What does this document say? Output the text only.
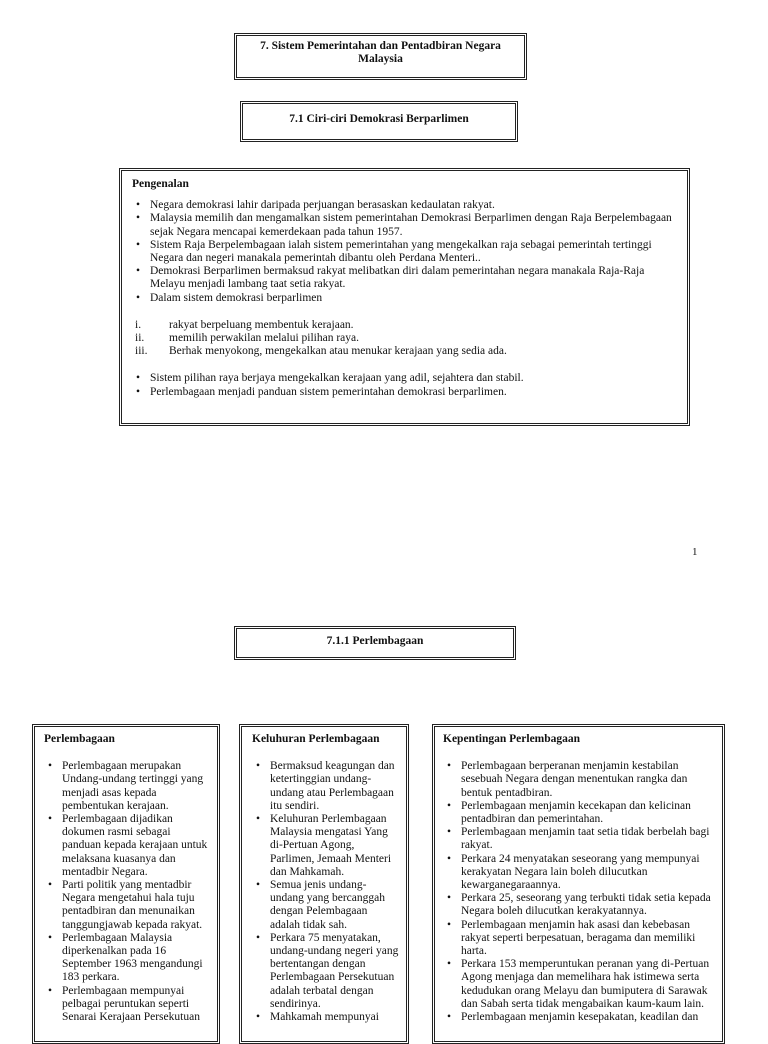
7. Sistem Pemerintahan dan Pentadbiran Negara Malaysia
7.1 Ciri-ciri Demokrasi Berparlimen
Pengenalan
• Negara demokrasi lahir daripada perjuangan berasaskan kedaulatan rakyat.
• Malaysia memilih dan mengamalkan sistem pemerintahan Demokrasi Berparlimen dengan Raja Berpelembagaan sejak Negara mencapai kemerdekaan pada tahun 1957.
• Sistem Raja Berpelembagaan ialah sistem pemerintahan yang mengekalkan raja sebagai pemerintah tertinggi Negara dan negeri manakala pemerintah dibantu oleh Perdana Menteri..
• Demokrasi Berparlimen bermaksud rakyat melibatkan diri dalam pemerintahan negara manakala Raja-Raja Melayu menjadi lambang taat setia rakyat.
• Dalam sistem demokrasi berparlimen
i. rakyat berpeluang membentuk kerajaan.
ii. memilih perwakilan melalui pilihan raya.
iii. Berhak menyokong, mengekalkan atau menukar kerajaan yang sedia ada.
• Sistem pilihan raya berjaya mengekalkan kerajaan yang adil, sejahtera dan stabil.
• Perlembagaan menjadi panduan sistem pemerintahan demokrasi berparlimen.
1
7.1.1 Perlembagaan
Perlembagaan
• Perlembagaan merupakan Undang-undang tertinggi yang menjadi asas kepada pembentukan kerajaan.
• Perlembagaan dijadikan dokumen rasmi sebagai panduan kepada kerajaan untuk melaksana kuasanya dan mentadbir Negara.
• Parti politik yang mentadbir Negara mengetahui hala tuju pentadbiran dan menunaikan tanggungjawab kepada rakyat.
• Perlembagaan Malaysia diperkenalkan pada 16 September 1963 mengandungi 183 perkara.
• Perlembagaan mempunyai pelbagai peruntukan seperti Senarai Kerajaan Persekutuan
Keluhuran Perlembagaan
• Bermaksud keagungan dan ketertinggian undang-undang atau Perlembagaan itu sendiri.
• Keluhuran Perlembagaan Malaysia mengatasi Yang di-Pertuan Agong, Parlimen, Jemaah Menteri dan Mahkamah.
• Semua jenis undang-undang yang bercanggah dengan Pelembagaan adalah tidak sah.
• Perkara 75 menyatakan, undang-undang negeri yang bertentangan dengan Perlembagaan Persekutuan adalah terbatal dengan sendirinya.
• Mahkamah mempunyai
Kepentingan Perlembagaan
• Perlembagaan berperanan menjamin kestabilan sesebuah Negara dengan menentukan rangka dan bentuk pentadbiran.
• Perlembagaan menjamin kecekapan dan kelicinan pentadbiran dan pemerintahan.
• Perlembagaan menjamin taat setia tidak berbelah bagi rakyat.
• Perkara 24 menyatakan seseorang yang mempunyai kerakyatan Negara lain boleh dilucutkan kewarganegaraannya.
• Perkara 25, seseorang yang terbukti tidak setia kepada Negara boleh dilucutkan kerakyatannya.
• Perlembagaan menjamin hak asasi dan kebebasan rakyat seperti berpesatuan, beragama dan memiliki harta.
• Perkara 153 memperuntukan peranan yang di-Pertuan Agong menjaga dan memelihara hak istimewa serta kedudukan orang Melayu dan bumiputera di Sarawak dan Sabah serta tidak mengabaikan kaum-kaum lain.
• Perlembagaan menjamin kesepakatan, keadilan dan
